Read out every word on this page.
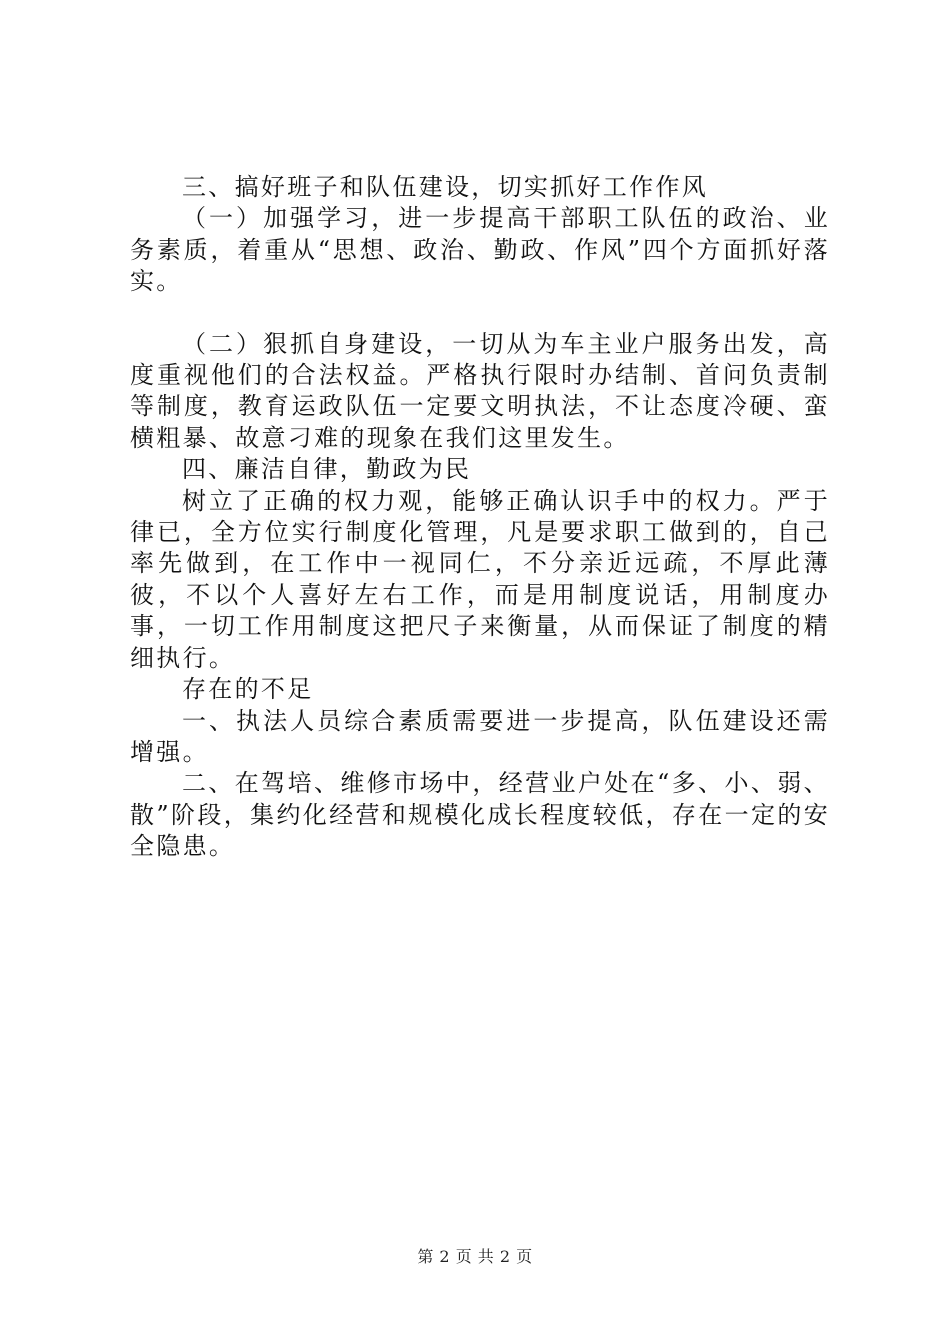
三、搞好班子和队伍建设，切实抓好工作作风

（一）加强学习，进一步提高干部职工队伍的政治、业务素质，着重从“思想、政治、勤政、作风”四个方面抓好落实。

（二）狠抓自身建设，一切从为车主业户服务出发，高度重视他们的合法权益。严格执行限时办结制、首问负责制等制度，教育运政队伍一定要文明执法，不让态度冷硬、蛮横粗暴、故意刁难的现象在我们这里发生。

四、廉洁自律，勤政为民

树立了正确的权力观，能够正确认识手中的权力。严于律已，全方位实行制度化管理，凡是要求职工做到的，自己率先做到，在工作中一视同仁，不分亲近远疏，不厚此薄彼，不以个人喜好左右工作，而是用制度说话，用制度办事，一切工作用制度这把尺子来衡量，从而保证了制度的精细执行。

存在的不足

一、执法人员综合素质需要进一步提高，队伍建设还需增强。

二、在驾培、维修市场中，经营业户处在“多、小、弱、散”阶段，集约化经营和规模化成长程度较低，存在一定的安全隐患。

第 2 页 共 2 页
